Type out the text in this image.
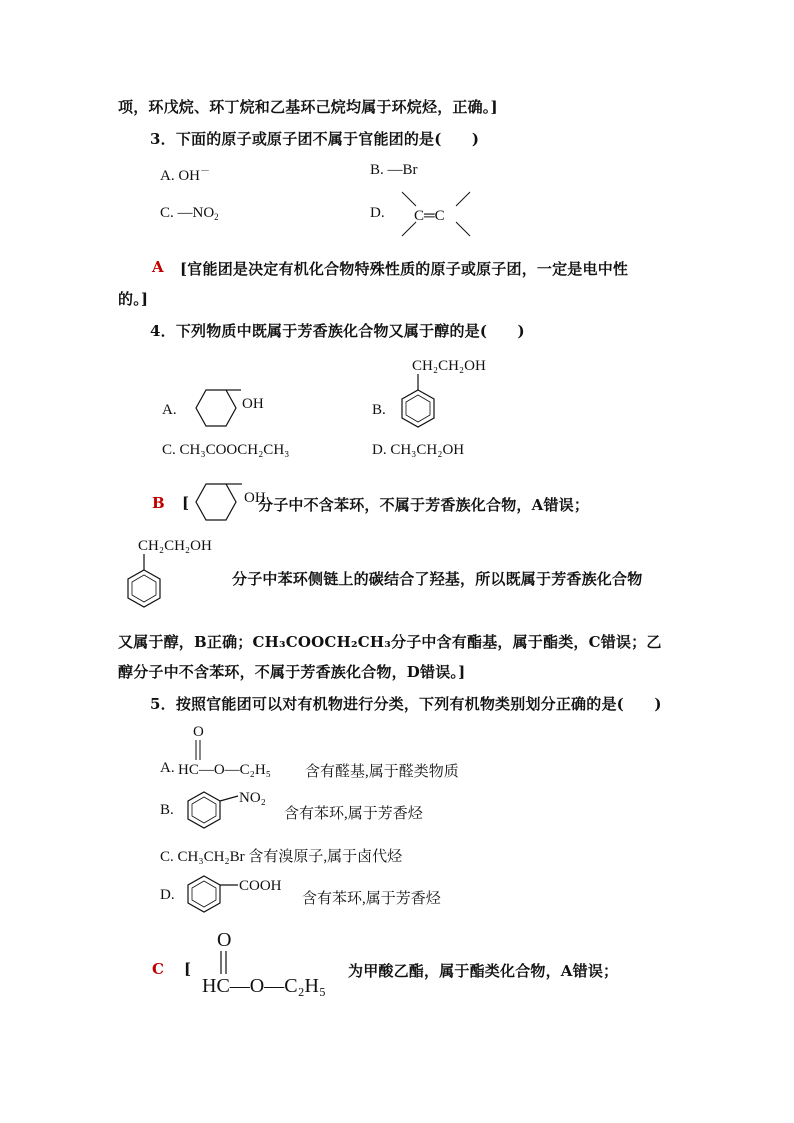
项，环戊烷、环丁烷和乙基环己烷均属于环烷烃，正确。]
3．下面的原子或原子团不属于官能团的是(　　)
A. OH－	B. —Br
C. $—NO_2$	D. C═C
A [官能团是决定有机化合物特殊性质的原子或原子团，一定是电中性
的。]
4．下列物质中既属于芳香族化合物又属于醇的是(　　)
A.	OH	B.
CH₂CH₂OH
C. CH₃COOCH₂CH₃	D. CH₃CH₂OH
B [	OH
分子中不含苯环，不属于芳香族化合物，A错误；
CH₂CH₂OH
分子中苯环侧链上的碳结合了羟基，所以既属于芳香族化合物
又属于醇，B正确；CH₃COOCH₂CH₃分子中含有酯基，属于酯类，C错误；乙
醇分子中不含苯环，不属于芳香族化合物，D错误。]
5．按照官能团可以对有机物进行分类，下列有机物类别划分正确的是(　　)
A.
O
HC—O—C₂H₅ 含有醛基,属于醛类物质
B.
NO₂
含有苯环,属于芳香烃
C. CH₃CH₂Br 含有溴原子,属于卤代烃
D.
COOH
含有苯环,属于芳香烃
C [
O
HC—O—C₂H₅
为甲酸乙酯，属于酯类化合物，A错误；
